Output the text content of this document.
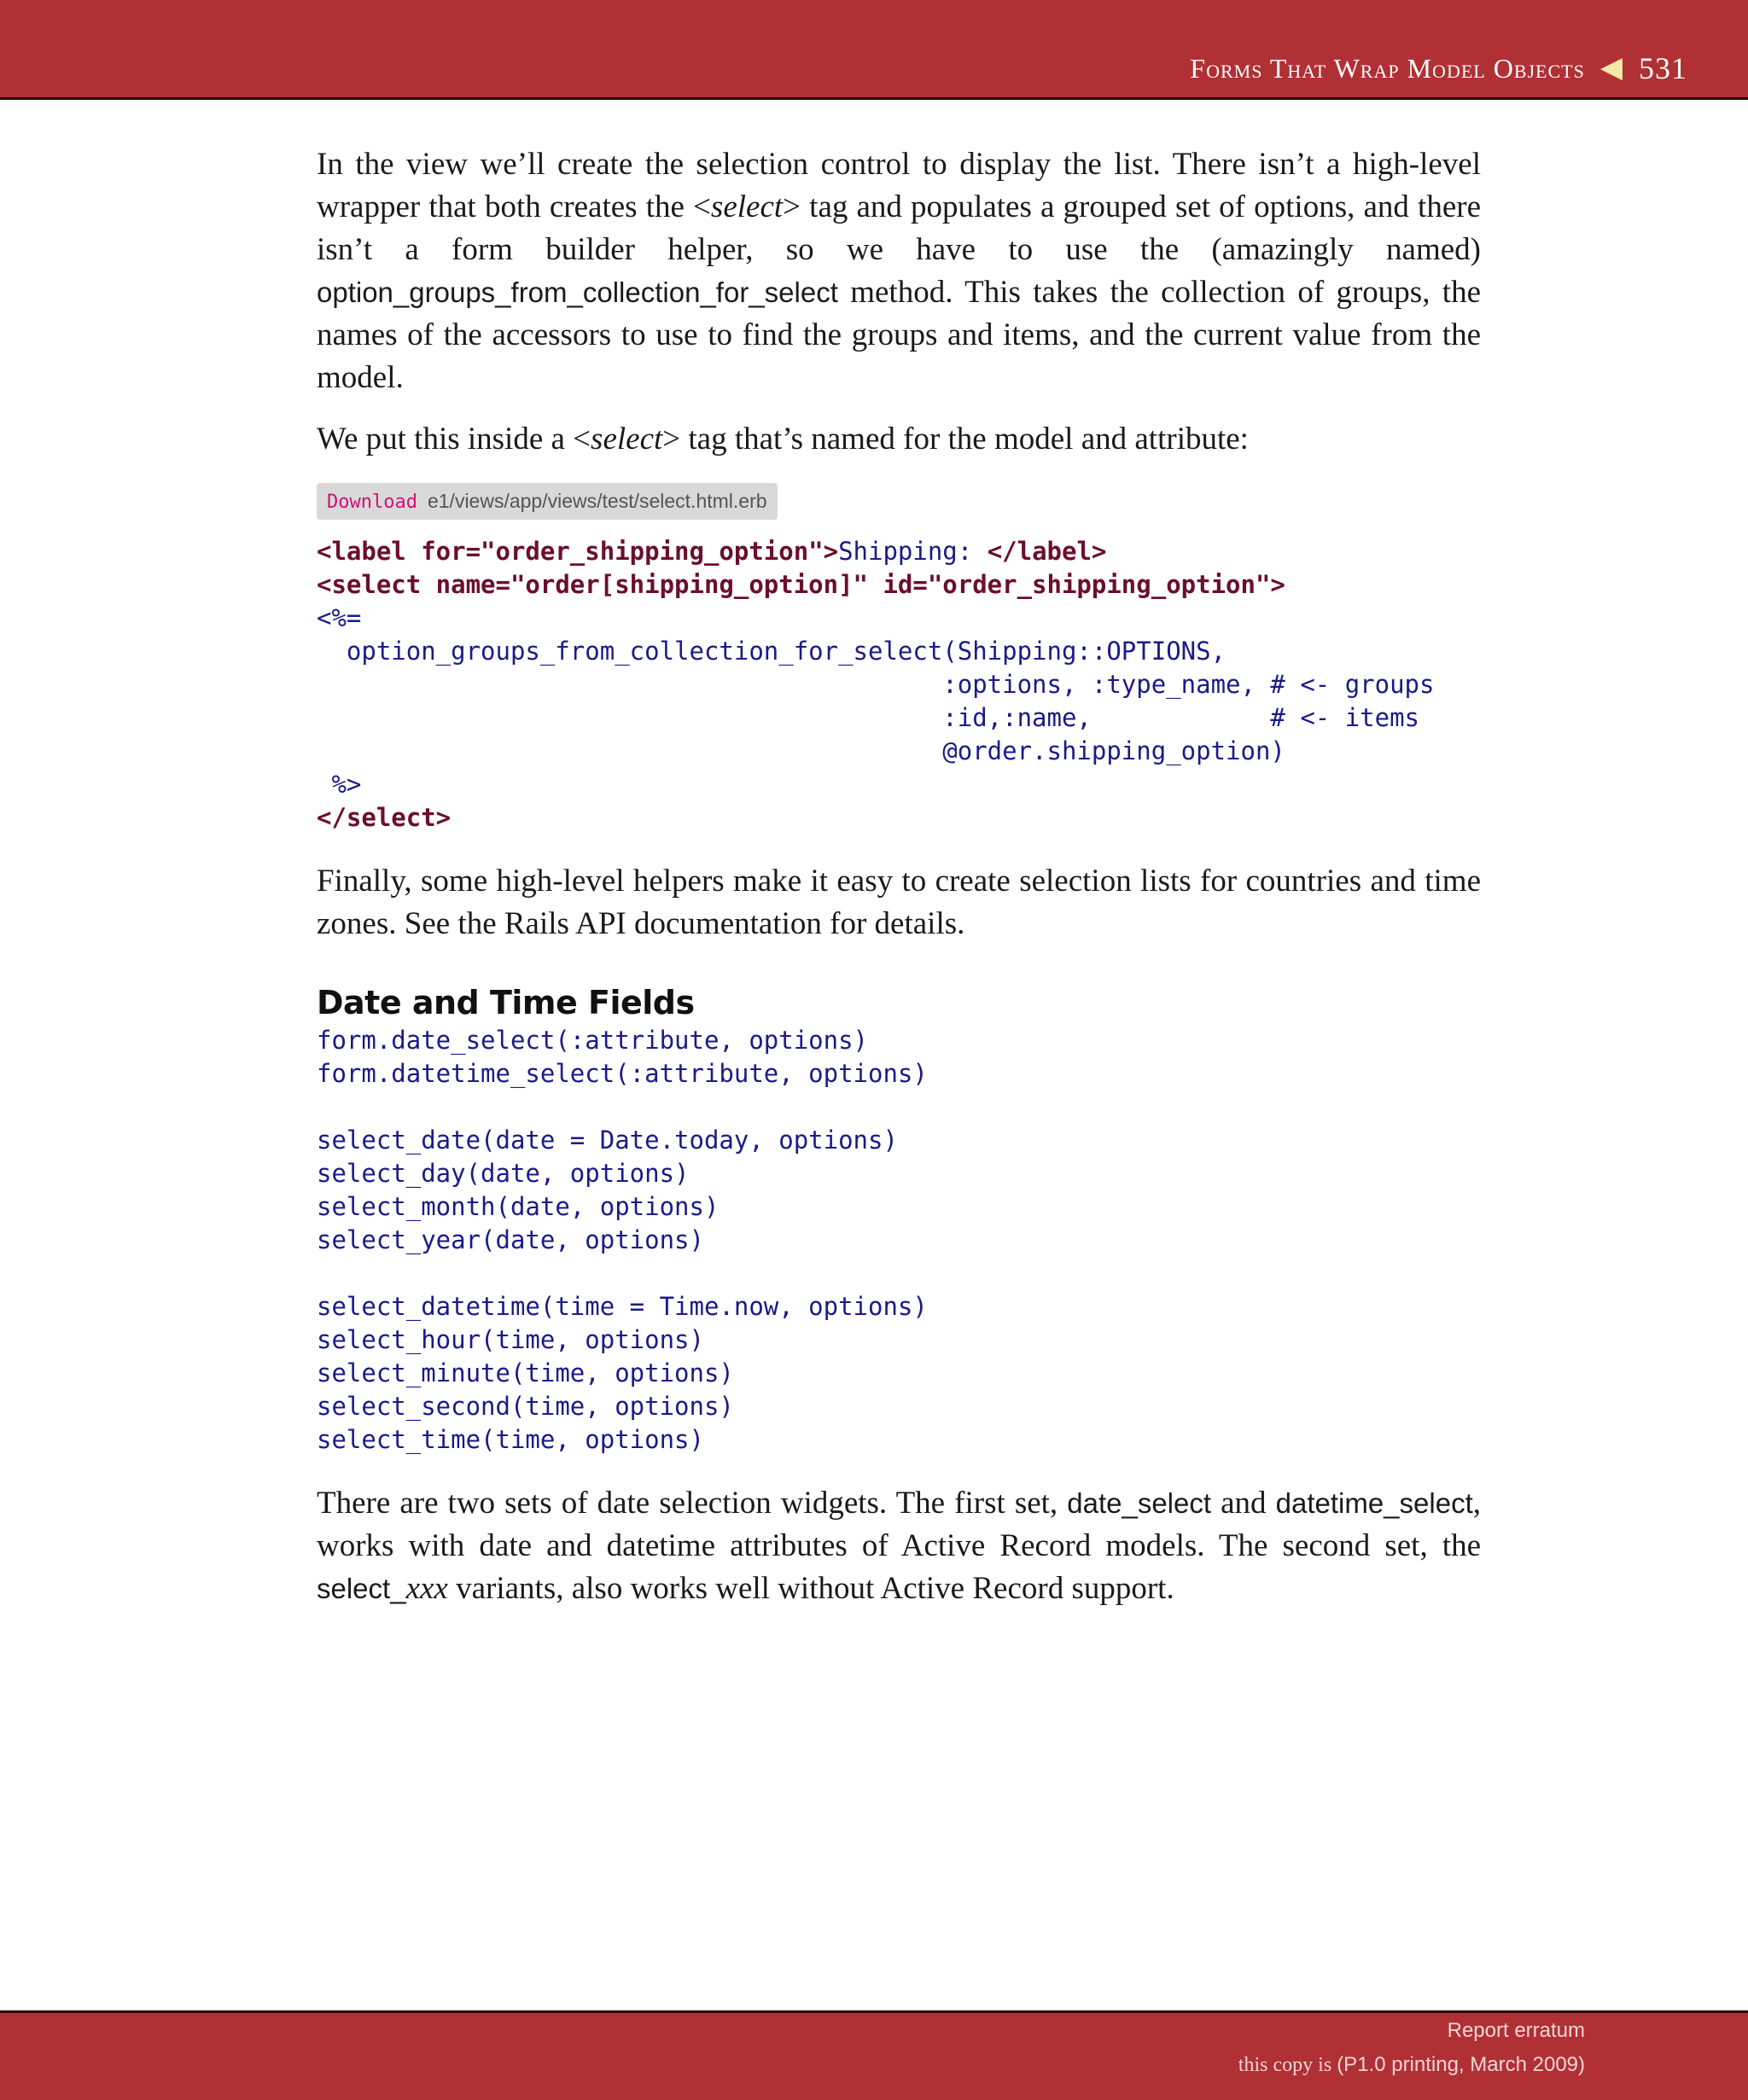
Forms That Wrap Model Objects ◀ 531

In the view we’ll create the selection control to display the list. There isn’t a high-level wrapper that both creates the <select> tag and populates a grouped set of options, and there isn’t a form builder helper, so we have to use the (amazingly named) option_groups_from_collection_for_select method. This takes the collection of groups, the names of the accessors to use to find the groups and items, and the current value from the model.

We put this inside a <select> tag that’s named for the model and attribute:

Download e1/views/app/views/test/select.html.erb
<label for="order_shipping_option">Shipping: </label>
<select name="order[shipping_option]" id="order_shipping_option">
<%=
option_groups_from_collection_for_select(Shipping::OPTIONS,
:options, :type_name, # <- groups
:id,:name,            # <- items
@order.shipping_option)
%>
</select>

Finally, some high-level helpers make it easy to create selection lists for countries and time zones. See the Rails API documentation for details.

Date and Time Fields
form.date_select(:attribute, options)
form.datetime_select(:attribute, options)

select_date(date = Date.today, options)
select_day(date, options)
select_month(date, options)
select_year(date, options)

select_datetime(time = Time.now, options)
select_hour(time, options)
select_minute(time, options)
select_second(time, options)
select_time(time, options)

There are two sets of date selection widgets. The first set, date_select and datetime_select, works with date and datetime attributes of Active Record models. The second set, the select_xxx variants, also works well without Active Record support.

Report erratum
this copy is (P1.0 printing, March 2009)
